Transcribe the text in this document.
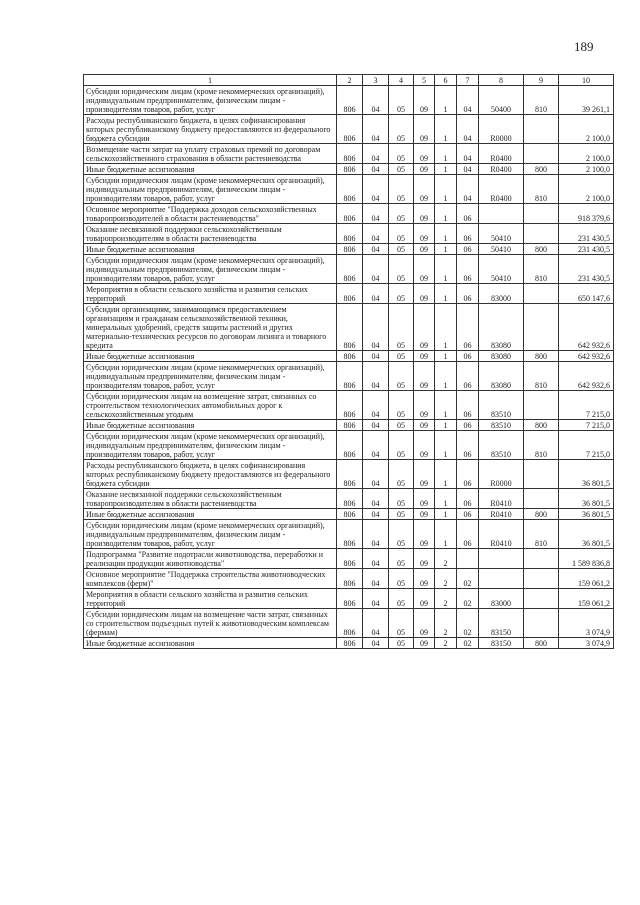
189
1	2	3	4	5	6	7	8	9	10
Субсидии юридическим лицам (кроме некоммерческих организаций), индивидуальным предпринимателям, физическим лицам - производителям товаров, работ, услуг	806	04	05	09	1	04	50400	810	39 261,1
Расходы республиканского бюджета, в целях софинансирования которых республиканскому бюджету предоставляются из федерального бюджета субсидии	806	04	05	09	1	04	R0000		2 100,0
Возмещение части затрат на уплату страховых премий по договорам сельскохозяйственного страхования в области растениеводства	806	04	05	09	1	04	R0400		2 100,0
Иные бюджетные ассигнования	806	04	05	09	1	04	R0400	800	2 100,0
Субсидии юридическим лицам (кроме некоммерческих организаций), индивидуальным предпринимателям, физическим лицам - производителям товаров, работ, услуг	806	04	05	09	1	04	R0400	810	2 100,0
Основное мероприятие "Поддержка доходов сельскохозяйственных товаропроизводителей в области растениеводства"	806	04	05	09	1	06			918 379,6
Оказание несвязанной поддержки сельскохозяйственным товаропроизводителям в области растениеводства	806	04	05	09	1	06	50410		231 430,5
Иные бюджетные ассигнования	806	04	05	09	1	06	50410	800	231 430,5
Субсидии юридическим лицам (кроме некоммерческих организаций), индивидуальным предпринимателям, физическим лицам - производителям товаров, работ, услуг	806	04	05	09	1	06	50410	810	231 430,5
Мероприятия в области сельского хозяйства и развития сельских территорий	806	04	05	09	1	06	83000		650 147,6
Субсидии организациям, занимающимся предоставлением организациям и гражданам сельскохозяйственной техники, минеральных удобрений, средств защиты растений и других материально-технических ресурсов по договорам лизинга и товарного кредита	806	04	05	09	1	06	83080		642 932,6
Иные бюджетные ассигнования	806	04	05	09	1	06	83080	800	642 932,6
Субсидии юридическим лицам (кроме некоммерческих организаций), индивидуальным предпринимателям, физическим лицам - производителям товаров, работ, услуг	806	04	05	09	1	06	83080	810	642 932,6
Субсидии юридическим лицам на возмещение затрат, связанных со строительством технологических автомобильных дорог к сельскохозяйственным угодьям	806	04	05	09	1	06	83510		7 215,0
Иные бюджетные ассигнования	806	04	05	09	1	06	83510	800	7 215,0
Субсидии юридическим лицам (кроме некоммерческих организаций), индивидуальным предпринимателям, физическим лицам - производителям товаров, работ, услуг	806	04	05	09	1	06	83510	810	7 215,0
Расходы республиканского бюджета, в целях софинансирования которых республиканскому бюджету предоставляются из федерального бюджета субсидии	806	04	05	09	1	06	R0000		36 801,5
Оказание несвязанной поддержки сельскохозяйственным товаропроизводителям в области растениеводства	806	04	05	09	1	06	R0410		36 801,5
Иные бюджетные ассигнования	806	04	05	09	1	06	R0410	800	36 801,5
Субсидии юридическим лицам (кроме некоммерческих организаций), индивидуальным предпринимателям, физическим лицам - производителям товаров, работ, услуг	806	04	05	09	1	06	R0410	810	36 801,5
Подпрограмма "Развитие подотрасли животноводства, переработки и реализации продукции животноводства"	806	04	05	09	2				1 589 836,8
Основное мероприятие "Поддержка строительства животноводческих комплексов (ферм)"	806	04	05	09	2	02			159 061,2
Мероприятия в области сельского хозяйства и развития сельских территорий	806	04	05	09	2	02	83000		159 061,2
Субсидии юридическим лицам на возмещение части затрат, связанных со строительством подъездных путей к животноводческим комплексам (фермам)	806	04	05	09	2	02	83150		3 074,9
Иные бюджетные ассигнования	806	04	05	09	2	02	83150	800	3 074,9
